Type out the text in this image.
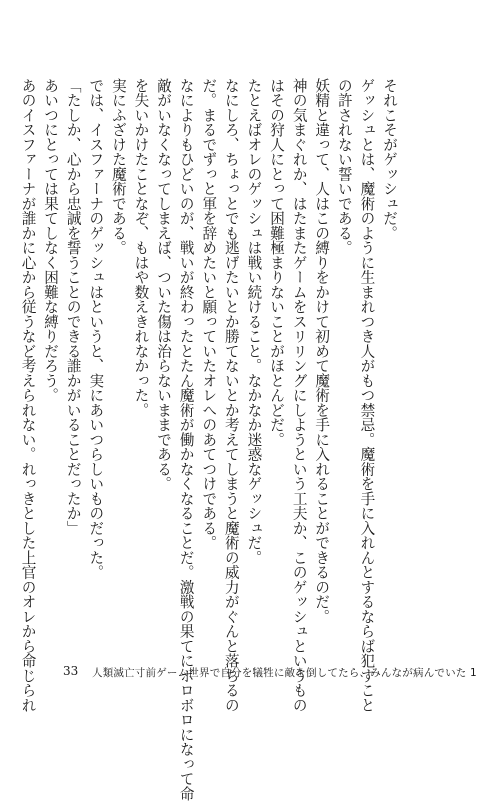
それこそがゲッシュだ。
ゲッシュとは、魔術のように生まれつき人がもつ禁忌。魔術を手に入れんとするならば犯すこと
の許されない誓いである。
妖精と違って、人はこの縛りをかけて初めて魔術を手に入れることができるのだ。
神の気まぐれか、はたまたゲームをスリリングにしようという工夫か、このゲッシュというもの
はその狩人にとって困難極まりないことがほとんどだ。
たとえばオレのゲッシュは戦い続けること。なかなか迷惑なゲッシュだ。
なにしろ、ちょっとでも逃げたいとか勝てないとか考えてしまうと魔術の威力がぐんと落ちるの
だ。まるでずっと軍を辞めたいと願っていたオレへのあてつけである。
なによりもひどいのが、戦いが終わったとたん魔術が働かなくなることだ。激戦の果てにボロボロになって命
敵がいなくなってしまえば、ついた傷は治らないままである。
を失いかけたことなぞ、もはや数えきれなかった。
実にふざけた魔術である。
では、イスファーナのゲッシュはというと、実にあいつらしいものだった。
「たしか、心から忠誠を誓うことのできる誰かがいることだったか」
あいつにとっては果てしなく困難な縛りだろう。
あのイスファーナが誰かに心から従うなど考えられない。れっきとした上官のオレから命じられ 33 人類滅亡寸前ゲーム世界で自分を犠牲に敵を倒してたら、みんなが病んでいた 1
